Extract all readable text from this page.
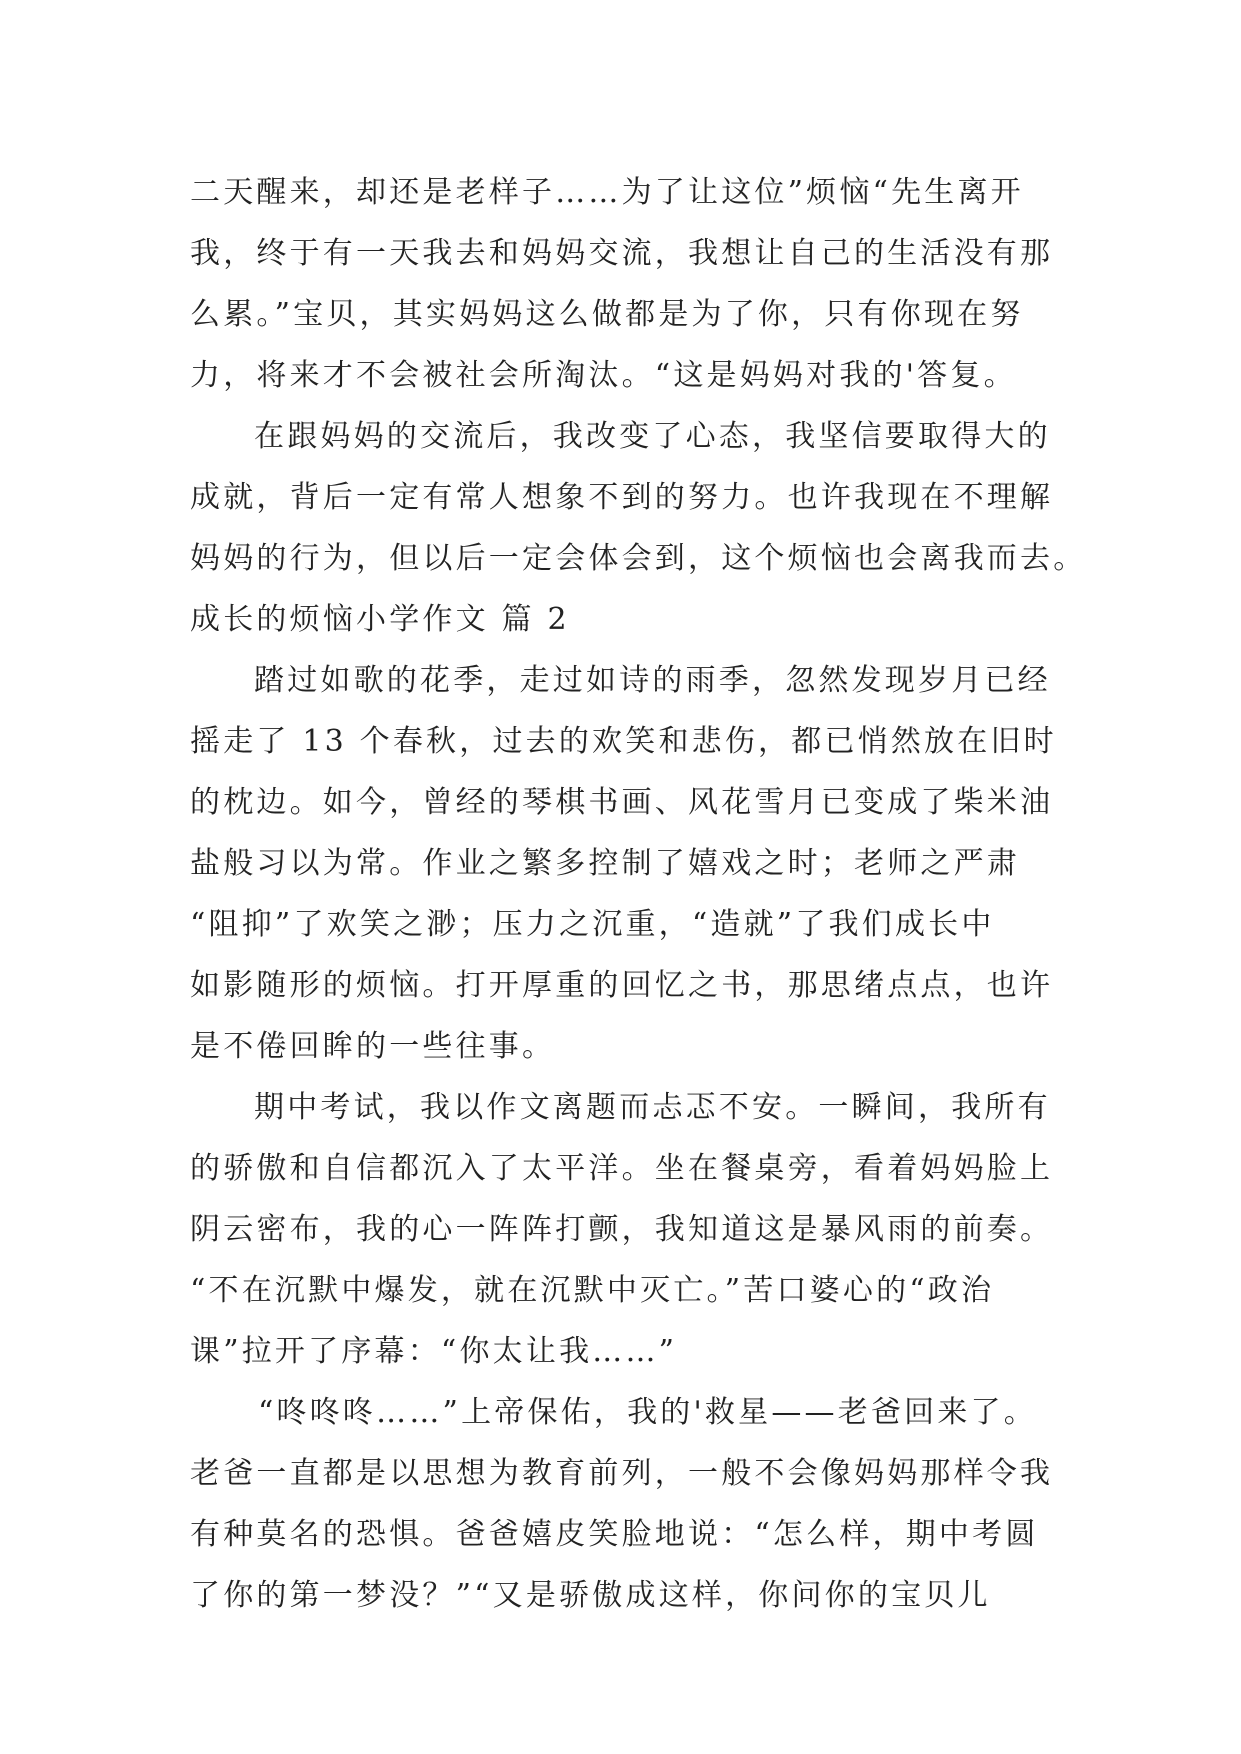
二天醒来，却还是老样子……为了让这位”烦恼“先生离开
我，终于有一天我去和妈妈交流，我想让自己的生活没有那
么累。”宝贝，其实妈妈这么做都是为了你，只有你现在努
力，将来才不会被社会所淘汰。“这是妈妈对我的'答复。
在跟妈妈的交流后，我改变了心态，我坚信要取得大的
成就，背后一定有常人想象不到的努力。也许我现在不理解
妈妈的行为，但以后一定会体会到，这个烦恼也会离我而去。
成长的烦恼小学作文 篇 2
踏过如歌的花季，走过如诗的雨季，忽然发现岁月已经
摇走了 13 个春秋，过去的欢笑和悲伤，都已悄然放在旧时
的枕边。如今，曾经的琴棋书画、风花雪月已变成了柴米油
盐般习以为常。作业之繁多控制了嬉戏之时；老师之严肃
“阻抑”了欢笑之渺；压力之沉重，“造就”了我们成长中
如影随形的烦恼。打开厚重的回忆之书，那思绪点点，也许
是不倦回眸的一些往事。
期中考试，我以作文离题而忐忑不安。一瞬间，我所有
的骄傲和自信都沉入了太平洋。坐在餐桌旁，看着妈妈脸上
阴云密布，我的心一阵阵打颤，我知道这是暴风雨的前奏。
“不在沉默中爆发，就在沉默中灭亡。”苦口婆心的“政治
课”拉开了序幕：“你太让我……”
“咚咚咚……”上帝保佑，我的'救星——老爸回来了。
老爸一直都是以思想为教育前列，一般不会像妈妈那样令我
有种莫名的恐惧。爸爸嬉皮笑脸地说：“怎么样，期中考圆
了你的第一梦没？”“又是骄傲成这样，你问你的宝贝儿
